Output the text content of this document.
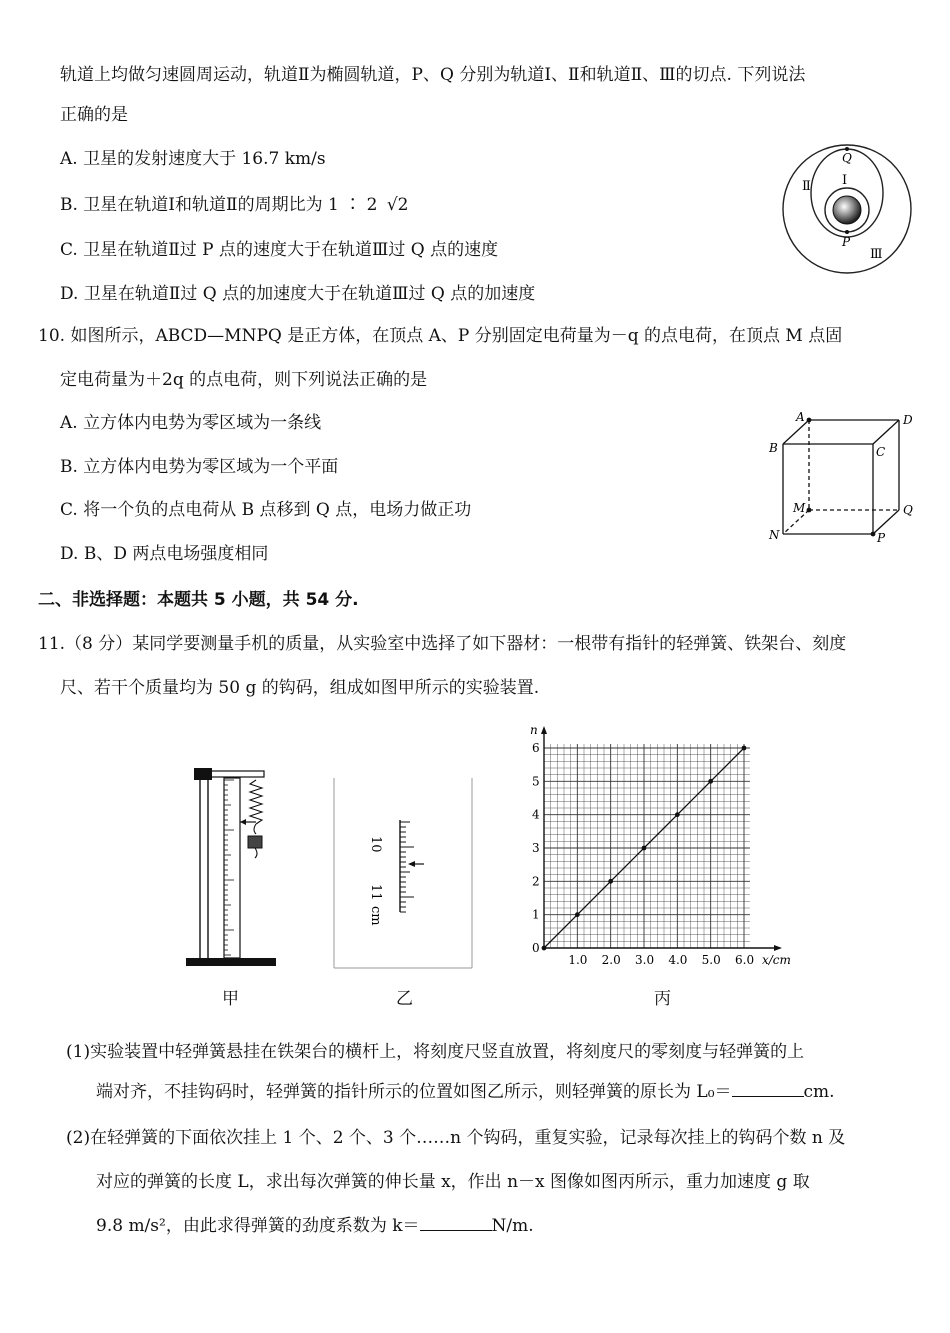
轨道上均做匀速圆周运动，轨道Ⅱ为椭圆轨道，P、Q 分别为轨道Ⅰ、Ⅱ和轨道Ⅱ、Ⅲ的切点. 下列说法
正确的是
A. 卫星的发射速度大于 16.7 km/s
B. 卫星在轨道Ⅰ和轨道Ⅱ的周期比为 1 ∶ 2 √2
C. 卫星在轨道Ⅱ过 P 点的速度大于在轨道Ⅲ过 Q 点的速度
D. 卫星在轨道Ⅱ过 Q 点的加速度大于在轨道Ⅲ过 Q 点的加速度
Q
P
Ⅰ
Ⅱ
Ⅲ
10. 如图所示，ABCD—MNPQ 是正方体，在顶点 A、P 分别固定电荷量为－q 的点电荷，在顶点 M 点固
定电荷量为＋2q 的点电荷，则下列说法正确的是
A. 立方体内电势为零区域为一条线
B. 立方体内电势为零区域为一个平面
C. 将一个负的点电荷从 B 点移到 Q 点，电场力做正功
D. B、D 两点电场强度相同
A	D
B	C
M	Q
N	P
二、非选择题：本题共 5 小题，共 54 分.
11.（8 分）某同学要测量手机的质量，从实验室中选择了如下器材：一根带有指针的轻弹簧、铁架台、刻度
尺、若干个质量均为 50 g 的钩码，组成如图甲所示的实验装置.
甲
10
11
cm
乙
1.0 2.0 3.0 4.0 5.0 6.0
1
2
3
4
5
6
0
x/cm
n
丙
(1)实验装置中轻弹簧悬挂在铁架台的横杆上，将刻度尺竖直放置，将刻度尺的零刻度与轻弹簧的上
端对齐，不挂钩码时，轻弹簧的指针所示的位置如图乙所示，则轻弹簧的原长为 L₀＝	cm.
(2)在轻弹簧的下面依次挂上 1 个、2 个、3 个……n 个钩码，重复实验，记录每次挂上的钩码个数 n 及
对应的弹簧的长度 L，求出每次弹簧的伸长量 x，作出 n－x 图像如图丙所示，重力加速度 g 取
9.8 m/s²，由此求得弹簧的劲度系数为 k＝	N/m.
